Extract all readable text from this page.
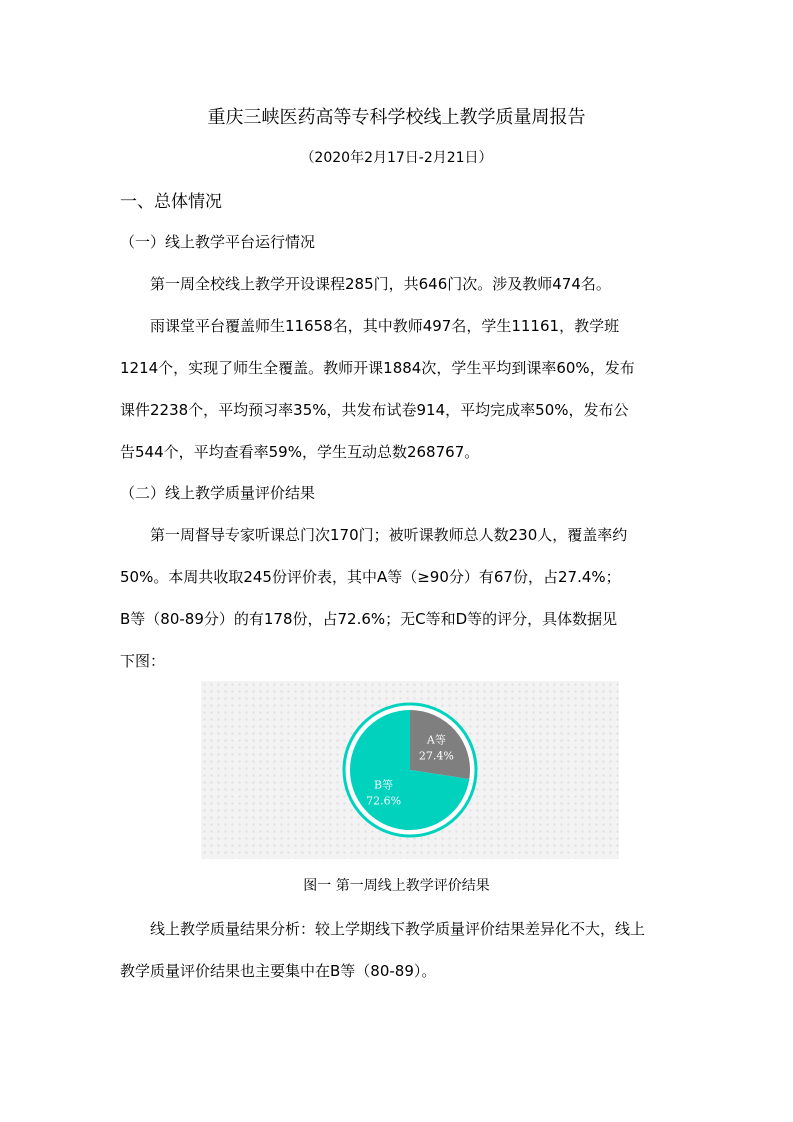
重庆三峡医药高等专科学校线上教学质量周报告
（2020年2月17日-2月21日）
一、总体情况
（一）线上教学平台运行情况
第一周全校线上教学开设课程285门，共646门次。涉及教师474名。
雨课堂平台覆盖师生11658名，其中教师497名，学生11161，教学班
1214个，实现了师生全覆盖。教师开课1884次，学生平均到课率60%，发布
课件2238个，平均预习率35%，共发布试卷914，平均完成率50%，发布公
告544个，平均查看率59%，学生互动总数268767。
（二）线上教学质量评价结果
第一周督导专家听课总门次170门；被听课教师总人数230人，覆盖率约
50%。本周共收取245份评价表，其中A等（≥90分）有67份，占27.4%；
B等（80-89分）的有178份，占72.6%；无C等和D等的评分，具体数据见
下图：
A等
27.4%
B等
72.6%
图一 第一周线上教学评价结果
线上教学质量结果分析：较上学期线下教学质量评价结果差异化不大，线上
教学质量评价结果也主要集中在B等（80-89）。
